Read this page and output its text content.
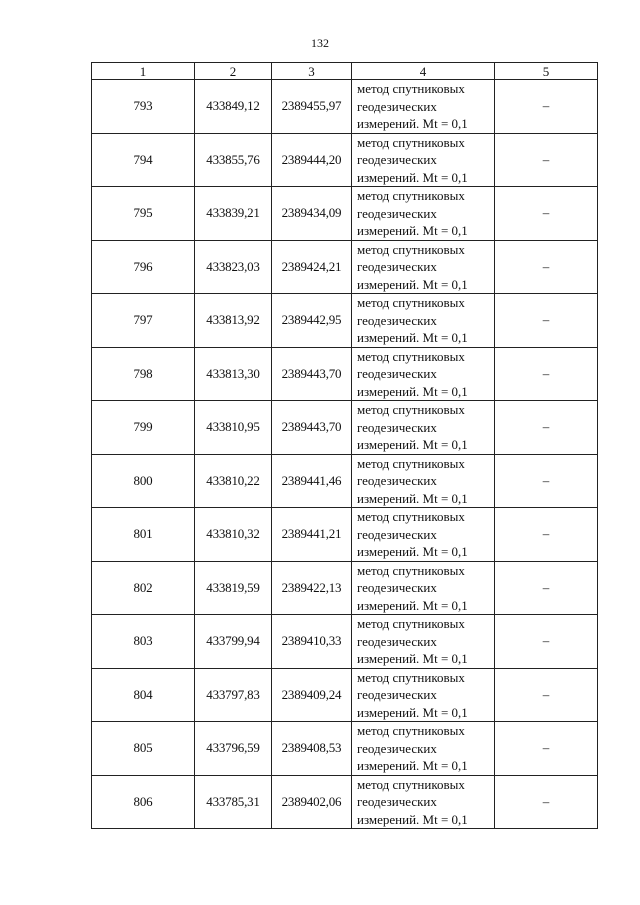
132
1	2	3	4	5
793	433849,12	2389455,97	метод спутниковых
геодезических
измерений. Mt = 0,1	–
794	433855,76	2389444,20	метод спутниковых
геодезических
измерений. Mt = 0,1	–
795	433839,21	2389434,09	метод спутниковых
геодезических
измерений. Mt = 0,1	–
796	433823,03	2389424,21	метод спутниковых
геодезических
измерений. Mt = 0,1	–
797	433813,92	2389442,95	метод спутниковых
геодезических
измерений. Mt = 0,1	–
798	433813,30	2389443,70	метод спутниковых
геодезических
измерений. Mt = 0,1	–
799	433810,95	2389443,70	метод спутниковых
геодезических
измерений. Mt = 0,1	–
800	433810,22	2389441,46	метод спутниковых
геодезических
измерений. Mt = 0,1	–
801	433810,32	2389441,21	метод спутниковых
геодезических
измерений. Mt = 0,1	–
802	433819,59	2389422,13	метод спутниковых
геодезических
измерений. Mt = 0,1	–
803	433799,94	2389410,33	метод спутниковых
геодезических
измерений. Mt = 0,1	–
804	433797,83	2389409,24	метод спутниковых
геодезических
измерений. Mt = 0,1	–
805	433796,59	2389408,53	метод спутниковых
геодезических
измерений. Mt = 0,1	–
806	433785,31	2389402,06	метод спутниковых
геодезических
измерений. Mt = 0,1	–
